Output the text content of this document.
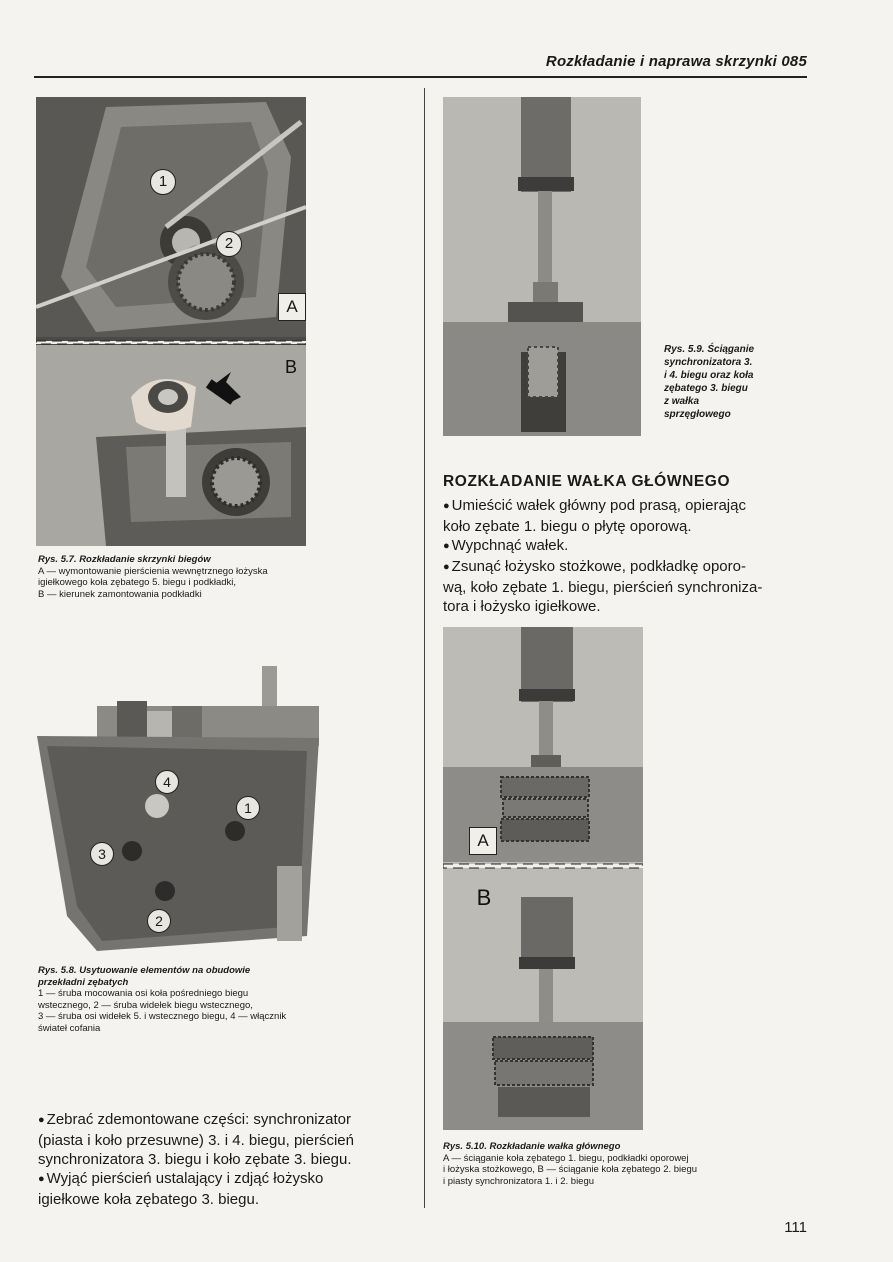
Rozkładanie i naprawa skrzynki 085
1
2
A
B
Rys. 5.7. Rozkładanie skrzynki biegów
A — wymontowanie pierścienia wewnętrznego łożyska
igiełkowego koła zębatego 5. biegu i podkładki,
B — kierunek zamontowania podkładki
4
1
3
2
Rys. 5.8. Usytuowanie elementów na obudowie
przekładni zębatych
1 — śruba mocowania osi koła pośredniego biegu
wstecznego, 2 — śruba widełek biegu wstecznego,
3 — śruba osi widełek 5. i wstecznego biegu, 4 — włącznik
świateł cofania
● Zebrać zdemontowane części: synchronizator
(piasta i koło przesuwne) 3. i 4. biegu, pierścień
synchronizatora 3. biegu i koło zębate 3. biegu.
● Wyjąć pierścień ustalający i zdjąć łożysko
igiełkowe koła zębatego 3. biegu.
Rys. 5.9. Ściąganie
synchronizatora 3.
i 4. biegu oraz koła
zębatego 3. biegu
z wałka
sprzęgłowego
ROZKŁADANIE WAŁKA GŁÓWNEGO
● Umieścić wałek główny pod prasą, opierając
koło zębate 1. biegu o płytę oporową.
● Wypchnąć wałek.
● Zsunąć łożysko stożkowe, podkładkę oporo-
wą, koło zębate 1. biegu, pierścień synchroniza-
tora i łożysko igiełkowe.
A
B
Rys. 5.10. Rozkładanie wałka głównego
A — ściąganie koła zębatego 1. biegu, podkładki oporowej
i łożyska stożkowego, B — ściąganie koła zębatego 2. biegu
i piasty synchronizatora 1. i 2. biegu
111
